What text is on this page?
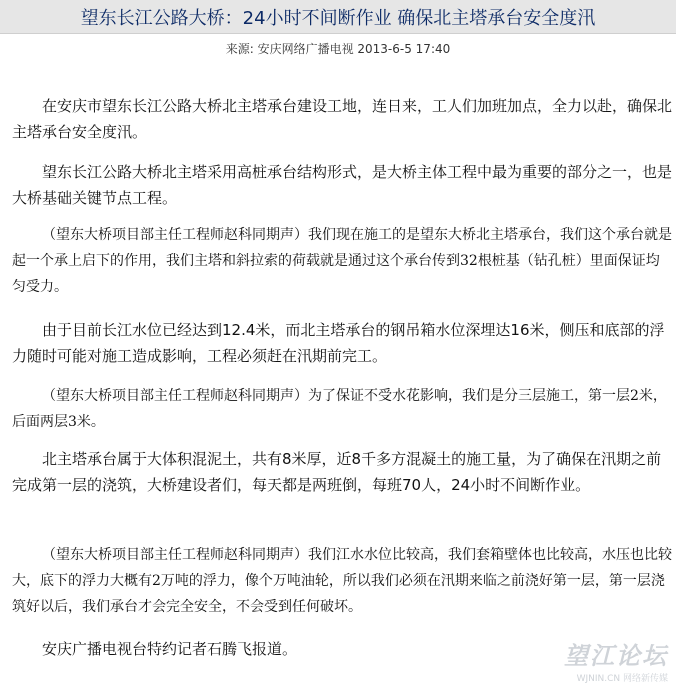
望东长江公路大桥：24小时不间断作业 确保北主塔承台安全度汛
来源: 安庆网络广播电视 2013-6-5 17:40

在安庆市望东长江公路大桥北主塔承台建设工地，连日来，工人们加班加点，全力以赴，确保北主塔承台安全度汛。

望东长江公路大桥北主塔采用高桩承台结构形式，是大桥主体工程中最为重要的部分之一，也是大桥基础关键节点工程。

（望东大桥项目部主任工程师赵科同期声）我们现在施工的是望东大桥北主塔承台，我们这个承台就是起一个承上启下的作用，我们主塔和斜拉索的荷载就是通过这个承台传到32根桩基（钻孔桩）里面保证均匀受力。

由于目前长江水位已经达到12.4米，而北主塔承台的钢吊箱水位深埋达16米，侧压和底部的浮力随时可能对施工造成影响，工程必须赶在汛期前完工。

（望东大桥项目部主任工程师赵科同期声）为了保证不受水花影响，我们是分三层施工，第一层2米，后面两层3米。

北主塔承台属于大体积混泥土，共有8米厚，近8千多方混凝土的施工量，为了确保在汛期之前完成第一层的浇筑，大桥建设者们，每天都是两班倒，每班70人，24小时不间断作业。

（望东大桥项目部主任工程师赵科同期声）我们江水水位比较高，我们套箱壁体也比较高，水压也比较大，底下的浮力大概有2万吨的浮力，像个万吨油轮，所以我们必须在汛期来临之前浇好第一层，第一层浇筑好以后，我们承台才会完全安全，不会受到任何破坏。

安庆广播电视台特约记者石腾飞报道。	望江论坛
WJNIN.CN 网络新传媒
